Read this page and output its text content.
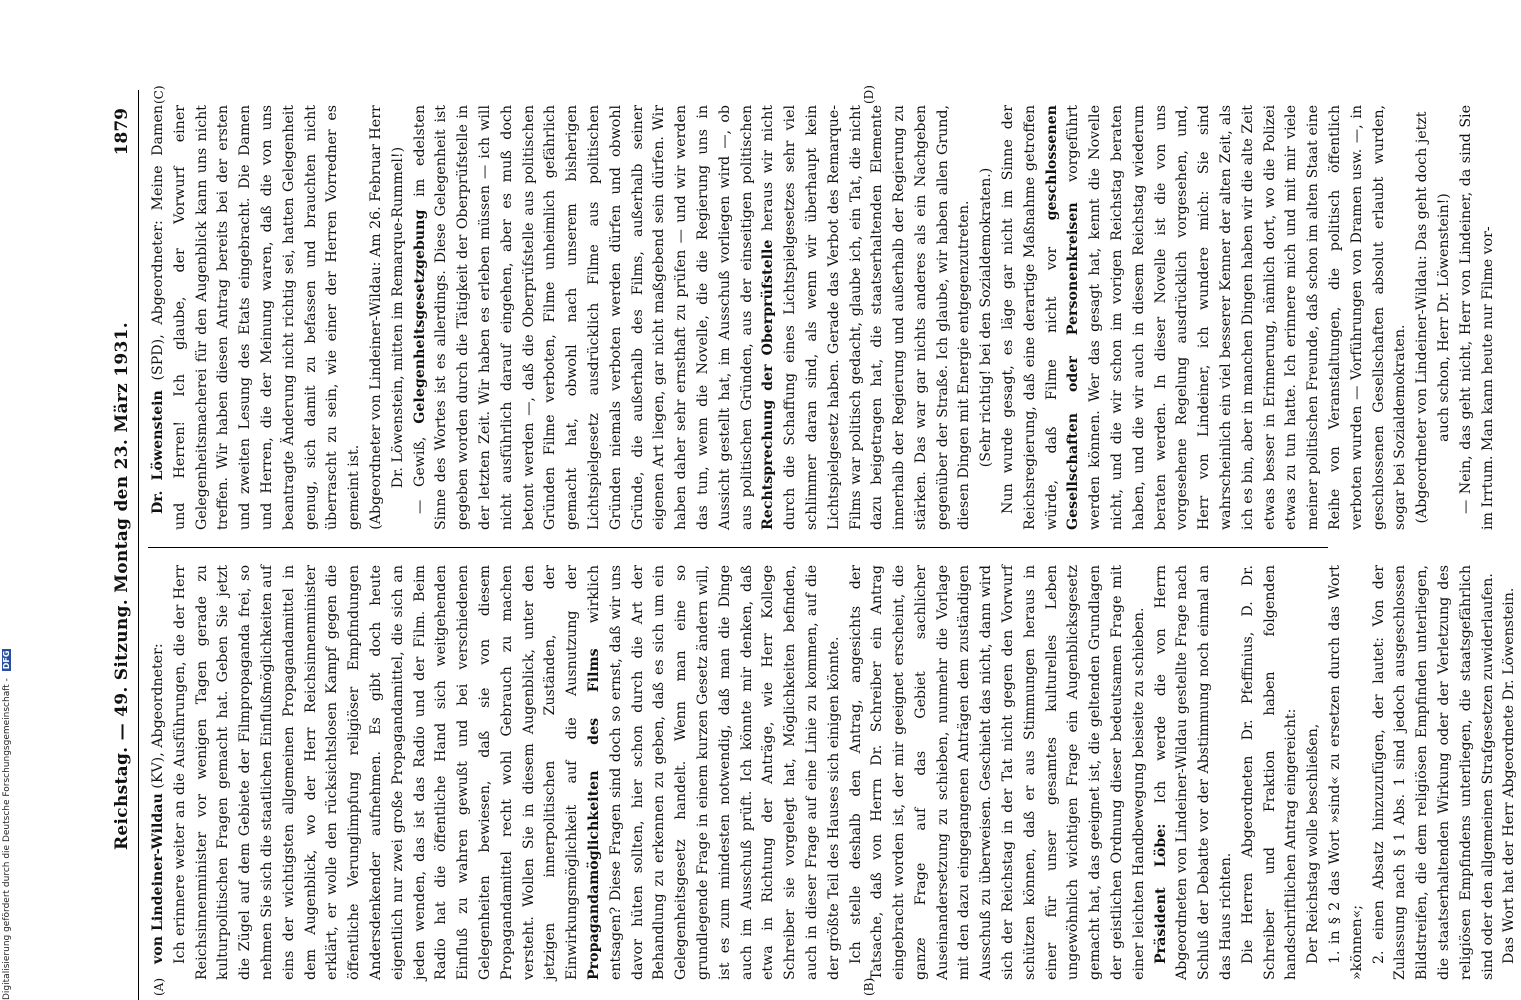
Reichstag. — 49. Sitzung. Montag den 23. März 1931.
1879
(A)	(B)
(C)	(D)

von Lindeiner-Wildau (KV), Abgeordneter: Ich erinnere weiter an die Ausführungen, die der Herr Reichsinnenminister vor wenigen Tagen gerade zu kulturpolitischen Fragen gemacht hat. Geben Sie jetzt die Zügel auf dem Gebiete der Filmpropaganda frei, so nehmen Sie sich die staatlichen Einflußmöglichkeiten auf eins der wichtigsten allgemeinen Propagandamittel in dem Augenblick, wo der Herr Reichsinnenminister erklärt, er wolle den rücksichtslosen Kampf gegen die öffentliche Verunglimpfung religiöser Empfindungen Andersdenkender aufnehmen. Es gibt doch heute eigentlich nur zwei große Propagandamittel, die sich an jeden wenden, das ist das Radio und der Film. Beim Radio hat die öffentliche Hand sich weitgehenden Einfluß zu wahren gewußt und bei verschiedenen Gelegenheiten bewiesen, daß sie von diesem Propagandamittel recht wohl Gebrauch zu machen versteht. Wollen Sie in diesem Augenblick, unter den jetzigen innerpolitischen Zuständen, der Einwirkungsmöglichkeit auf die Ausnutzung der Propagandamöglichkeiten des Films wirklich entsagen? Diese Fragen sind doch so ernst, daß wir uns davor hüten sollten, hier schon durch die Art der Behandlung zu erkennen zu geben, daß es sich um ein Gelegenheitsgesetz handelt. Wenn man eine so grundlegende Frage in einem kurzen Gesetz ändern will, ist es zum mindesten notwendig, daß man die Dinge auch im Ausschuß prüft. Ich könnte mir denken, daß etwa in Richtung der Anträge, wie Herr Kollege Schreiber sie vorgelegt hat, Möglichkeiten befinden, auch in dieser Frage auf eine Linie zu kommen, auf die der größte Teil des Hauses sich einigen könnte. Ich stelle deshalb den Antrag, angesichts der Tatsache, daß von Herrn Dr. Schreiber ein Antrag eingebracht worden ist, der mir geeignet erscheint, die ganze Frage auf das Gebiet sachlicher Auseinandersetzung zu schieben, nunmehr die Vorlage mit den dazu eingegangenen Anträgen dem zuständigen Ausschuß zu überweisen. Geschieht das nicht, dann wird sich der Reichstag in der Tat nicht gegen den Vorwurf schützen können, daß er aus Stimmungen heraus in einer für unser gesamtes kulturelles Leben ungewöhnlich wichtigen Frage ein Augenblicksgesetz gemacht hat, das geeignet ist, die geltenden Grundlagen der geistlichen Ordnung dieser bedeutsamen Frage mit einer leichten Handbewegung beiseite zu schieben. Präsident Löbe: Ich werde die von Herrn Abgeordneten von Lindeiner-Wildau gestellte Frage nach Schluß der Debatte vor der Abstimmung noch einmal an das Haus richten. Die Herren Abgeordneten Dr. Pfeffinius, D. Dr. Schreiber und Fraktion haben folgenden handschriftlichen Antrag eingereicht: Der Reichstag wolle beschließen, 1. in § 2 das Wort »sind« zu ersetzen durch das Wort »können«; 2. einen Absatz hinzuzufügen, der lautet: Von der Zulassung nach § 1 Abs. 1 sind jedoch ausgeschlossen Bildstreifen, die dem religiösen Empfinden unterliegen, die staatserhaltenden Wirkung oder der Verletzung des religiösen Empfindens unterliegen, die staatsgefährlich sind oder den allgemeinen Strafgesetzen zuwiderlaufen. Das Wort hat der Herr Abgeordnete Dr. Löwenstein.

Dr. Löwenstein (SPD), Abgeordneter: Meine Damen und Herren! Ich glaube, der Vorwurf einer Gelegenheitsmacherei für den Augenblick kann uns nicht treffen. Wir haben diesen Antrag bereits bei der ersten und zweiten Lesung des Etats eingebracht. Die Damen und Herren, die der Meinung waren, daß die von uns beantragte Änderung nicht richtig sei, hatten Gelegenheit genug, sich damit zu befassen und brauchten nicht überrascht zu sein, wie einer der Herren Vorredner es gemeint ist. (Abgeordneter von Lindeiner-Wildau: Am 26. Februar Herr Dr. Löwenstein, mitten im Remarque-Rummel!) — Gewiß, Gelegenheitsgesetzgebung im edelsten Sinne des Wortes ist es allerdings. Diese Gelegenheit ist gegeben worden durch die Tätigkeit der Oberprüfstelle in der letzten Zeit. Wir haben es erleben müssen — ich will nicht ausführlich darauf eingehen, aber es muß doch betont werden —, daß die Oberprüfstelle aus politischen Gründen Filme verboten, Filme unheimlich gefährlich gemacht hat, obwohl nach unserem bisherigen Lichtspielgesetz ausdrücklich Filme aus politischen Gründen niemals verboten werden dürfen und obwohl Gründe, die außerhalb des Films, außerhalb seiner eigenen Art liegen, gar nicht maßgebend sein dürfen. Wir haben daher sehr ernsthaft zu prüfen — und wir werden das tun, wenn die Novelle, die die Regierung uns in Aussicht gestellt hat, im Ausschuß vorliegen wird —, ob aus politischen Gründen, aus der einseitigen politischen Rechtsprechung der Oberprüfstelle heraus wir nicht durch die Schaffung eines Lichtspielgesetzes sehr viel schlimmer daran sind, als wenn wir überhaupt kein Lichtspielgesetz haben. Gerade das Verbot des Remarque-Films war politisch gedacht, glaube ich, ein Tat, die nicht dazu beigetragen hat, die staatserhaltenden Elemente innerhalb der Regierung und außerhalb der Regierung zu stärken. Das war gar nichts anderes als ein Nachgeben gegenüber der Straße. Ich glaube, wir haben allen Grund, diesen Dingen mit Energie entgegenzutreten. (Sehr richtig! bei den Sozialdemokraten.) Nun wurde gesagt, es läge gar nicht im Sinne der Reichsregierung, daß eine derartige Maßnahme getroffen würde, daß Filme nicht vor geschlossenen Gesellschaften oder Personenkreisen vorgeführt werden können. Wer das gesagt hat, kennt die Novelle nicht, und die wir schon im vorigen Reichstag beraten haben, und die wir auch in diesem Reichstag wiederum beraten werden. In dieser Novelle ist die von uns vorgesehene Regelung ausdrücklich vorgesehen, und, Herr von Lindeiner, ich wundere mich: Sie sind wahrscheinlich ein viel besserer Kenner der alten Zeit, als ich es bin, aber in manchen Dingen haben wir die alte Zeit etwas besser in Erinnerung, nämlich dort, wo die Polizei etwas zu tun hatte. Ich erinnere mich und mit mir viele meiner politischen Freunde, daß schon im alten Staat eine Reihe von Veranstaltungen, die politisch öffentlich verboten wurden — Vorführungen von Dramen usw. —, in geschlossenen Gesellschaften absolut erlaubt wurden, sogar bei Sozialdemokraten. (Abgeordneter von Lindeiner-Wildau: Das geht doch jetzt auch schon, Herr Dr. Löwenstein!) — Nein, das geht nicht, Herr von Lindeiner, da sind Sie im Irrtum. Man kann heute nur Filme vor-

Digitalisierung gefördert durch die Deutsche Forschungsgemeinschaft - DFG
